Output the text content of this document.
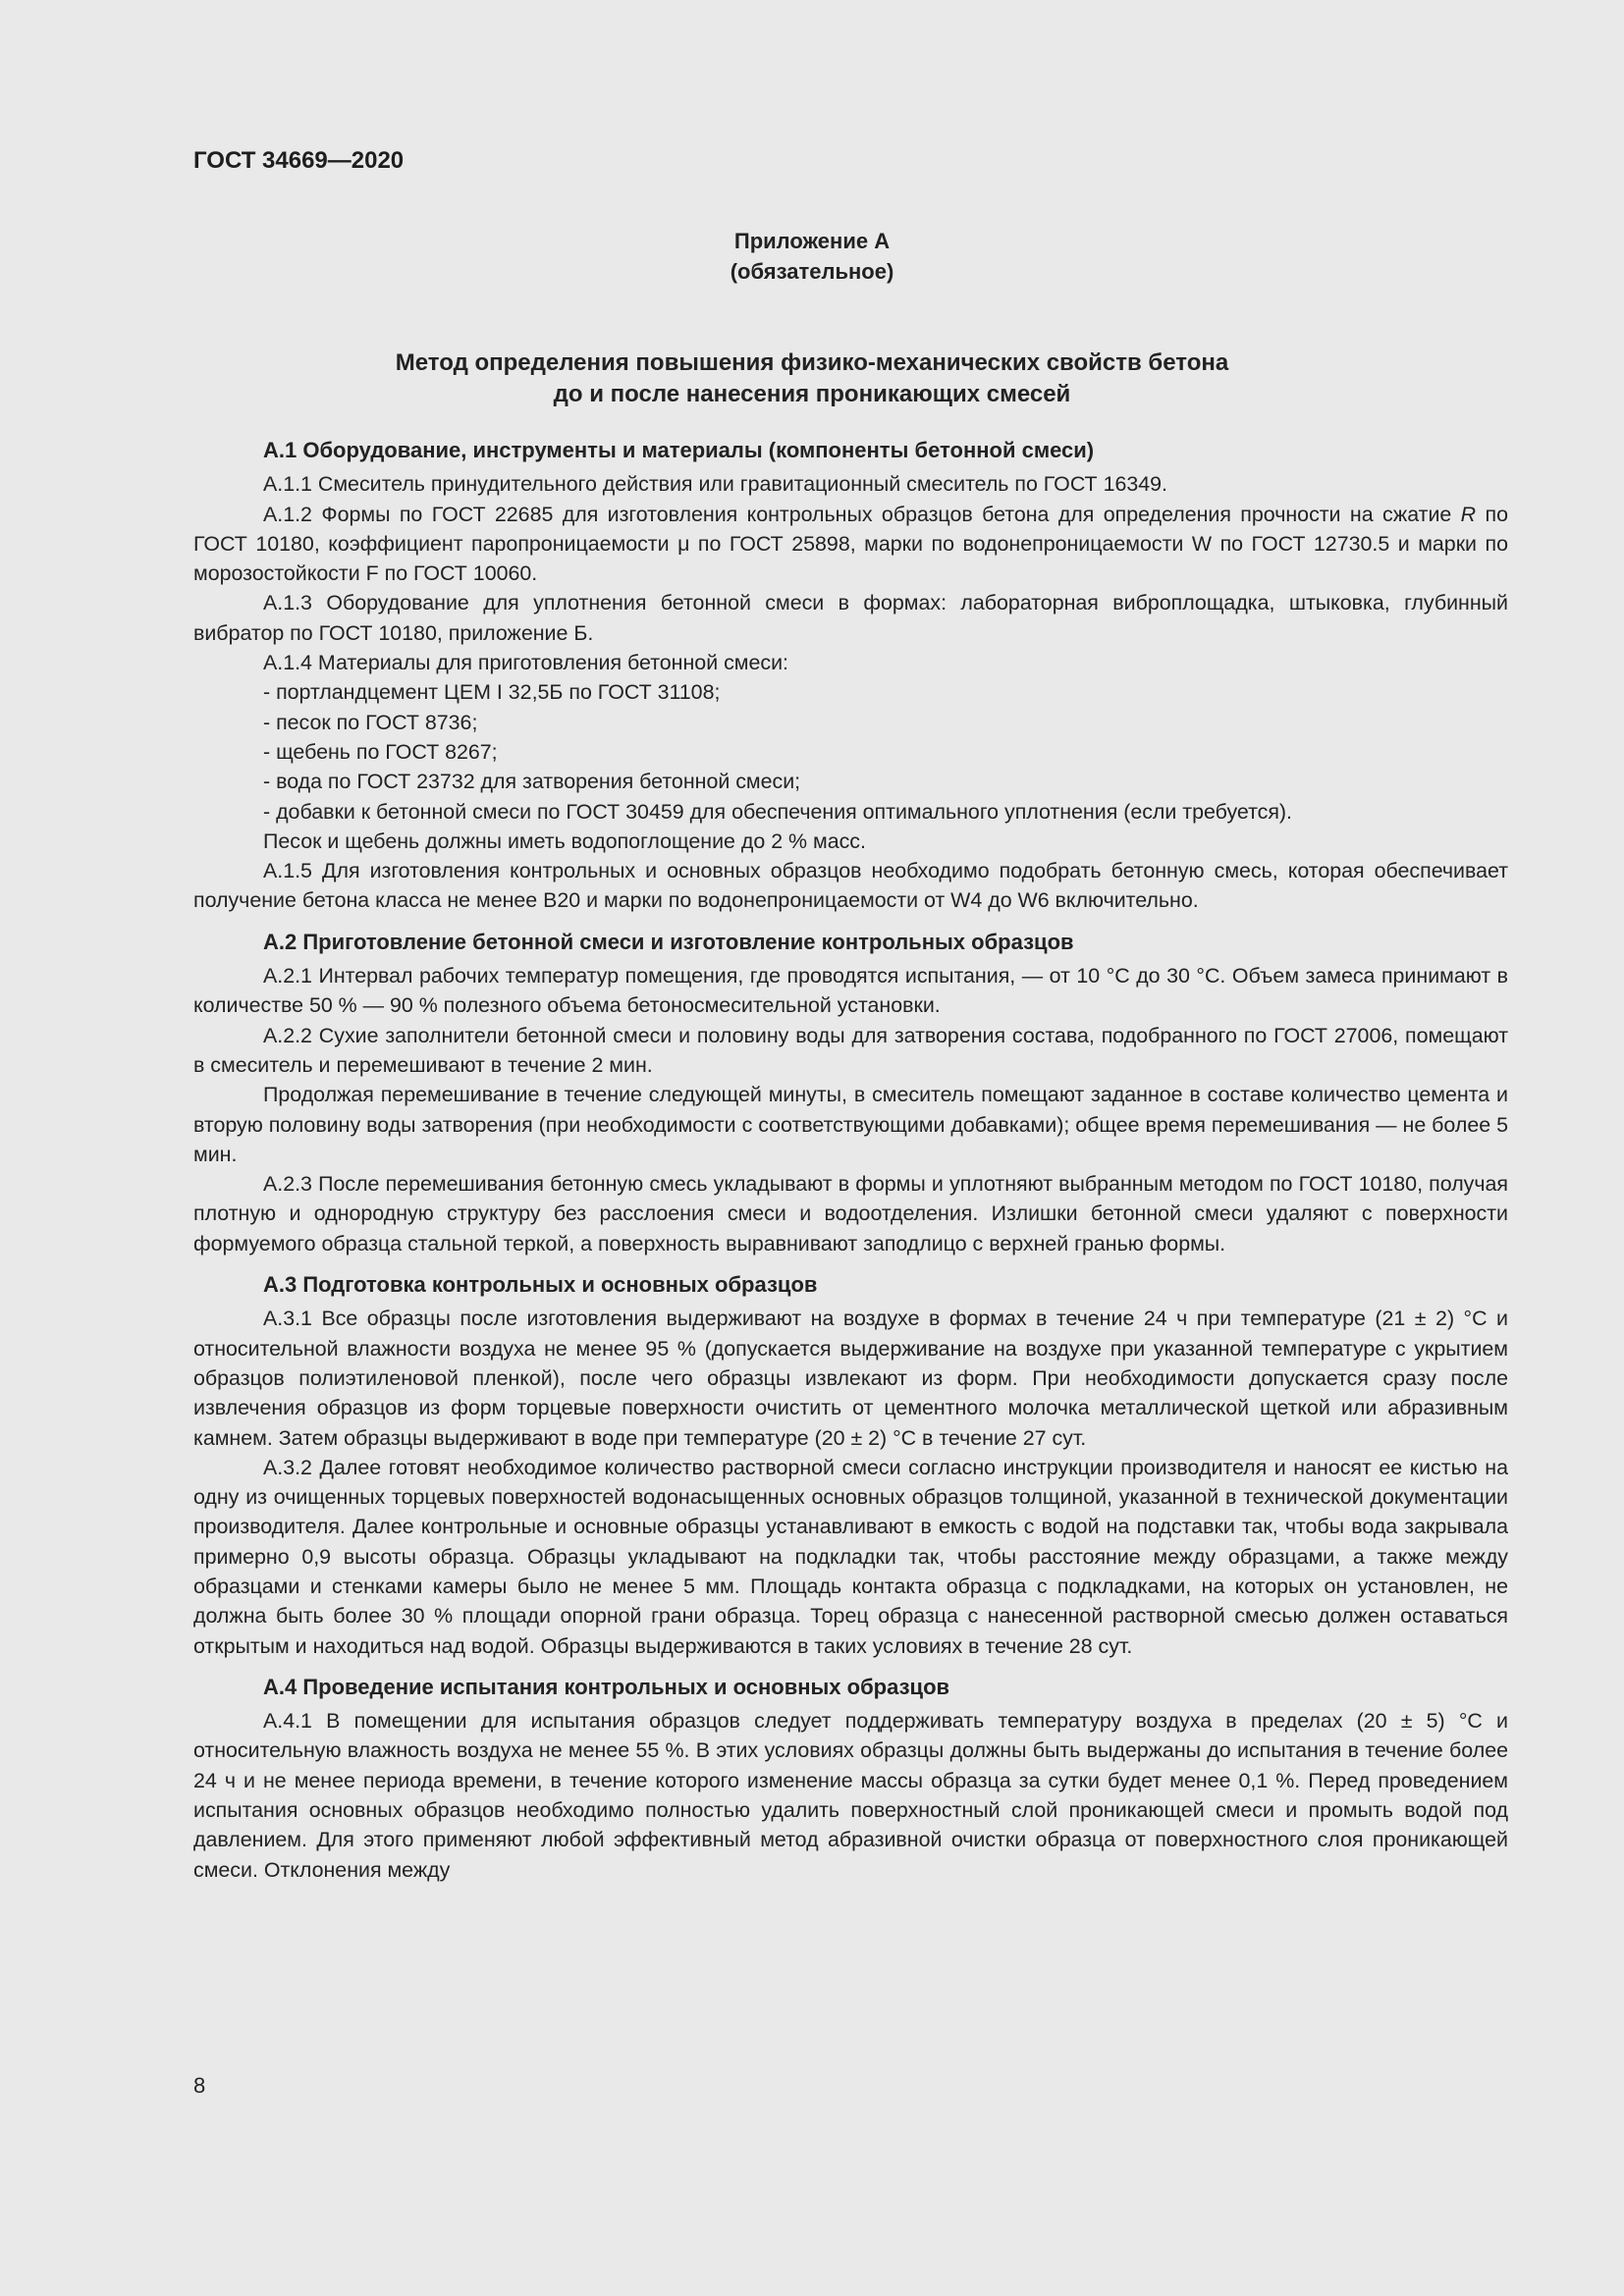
ГОСТ 34669—2020
Приложение А
(обязательное)
Метод определения повышения физико-механических свойств бетона
до и после нанесения проникающих смесей

А.1 Оборудование, инструменты и материалы (компоненты бетонной смеси)

А.1.1 Смеситель принудительного действия или гравитационный смеситель по ГОСТ 16349.

А.1.2 Формы по ГОСТ 22685 для изготовления контрольных образцов бетона для определения прочности на сжатие R по ГОСТ 10180, коэффициент паропроницаемости μ по ГОСТ 25898, марки по водонепроницаемости W по ГОСТ 12730.5 и марки по морозостойкости F по ГОСТ 10060.

А.1.3 Оборудование для уплотнения бетонной смеси в формах: лабораторная виброплощадка, штыковка, глубинный вибратор по ГОСТ 10180, приложение Б.

А.1.4 Материалы для приготовления бетонной смеси:

- портландцемент ЦЕМ I 32,5Б по ГОСТ 31108;

- песок по ГОСТ 8736;

- щебень по ГОСТ 8267;

- вода по ГОСТ 23732 для затворения бетонной смеси;

- добавки к бетонной смеси по ГОСТ 30459 для обеспечения оптимального уплотнения (если требуется).

Песок и щебень должны иметь водопоглощение до 2 % масс.

А.1.5 Для изготовления контрольных и основных образцов необходимо подобрать бетонную смесь, которая обеспечивает получение бетона класса не менее В20 и марки по водонепроницаемости от W4 до W6 включительно.

А.2 Приготовление бетонной смеси и изготовление контрольных образцов

А.2.1 Интервал рабочих температур помещения, где проводятся испытания, — от 10 °С до 30 °С. Объем замеса принимают в количестве 50 % — 90 % полезного объема бетоносмесительной установки.

А.2.2 Сухие заполнители бетонной смеси и половину воды для затворения состава, подобранного по ГОСТ 27006, помещают в смеситель и перемешивают в течение 2 мин.

Продолжая перемешивание в течение следующей минуты, в смеситель помещают заданное в составе количество цемента и вторую половину воды затворения (при необходимости с соответствующими добавками); общее время перемешивания — не более 5 мин.

А.2.3 После перемешивания бетонную смесь укладывают в формы и уплотняют выбранным методом по ГОСТ 10180, получая плотную и однородную структуру без расслоения смеси и водоотделения. Излишки бетонной смеси удаляют с поверхности формуемого образца стальной теркой, а поверхность выравнивают заподлицо с верхней гранью формы.

А.3 Подготовка контрольных и основных образцов

А.3.1 Все образцы после изготовления выдерживают на воздухе в формах в течение 24 ч при температуре (21 ± 2) °С и относительной влажности воздуха не менее 95 % (допускается выдерживание на воздухе при указанной температуре с укрытием образцов полиэтиленовой пленкой), после чего образцы извлекают из форм. При необходимости допускается сразу после извлечения образцов из форм торцевые поверхности очистить от цементного молочка металлической щеткой или абразивным камнем. Затем образцы выдерживают в воде при температуре (20 ± 2) °С в течение 27 сут.

А.3.2 Далее готовят необходимое количество растворной смеси согласно инструкции производителя и наносят ее кистью на одну из очищенных торцевых поверхностей водонасыщенных основных образцов толщиной, указанной в технической документации производителя. Далее контрольные и основные образцы устанавливают в емкость с водой на подставки так, чтобы вода закрывала примерно 0,9 высоты образца. Образцы укладывают на подкладки так, чтобы расстояние между образцами, а также между образцами и стенками камеры было не менее 5 мм. Площадь контакта образца с подкладками, на которых он установлен, не должна быть более 30 % площади опорной грани образца. Торец образца с нанесенной растворной смесью должен оставаться открытым и находиться над водой. Образцы выдерживаются в таких условиях в течение 28 сут.

А.4 Проведение испытания контрольных и основных образцов

А.4.1 В помещении для испытания образцов следует поддерживать температуру воздуха в пределах (20 ± 5) °С и относительную влажность воздуха не менее 55 %. В этих условиях образцы должны быть выдержаны до испытания в течение более 24 ч и не менее периода времени, в течение которого изменение массы образца за сутки будет менее 0,1 %. Перед проведением испытания основных образцов необходимо полностью удалить поверхностный слой проникающей смеси и промыть водой под давлением. Для этого применяют любой эффективный метод абразивной очистки образца от поверхностного слоя проникающей смеси. Отклонения между

8
